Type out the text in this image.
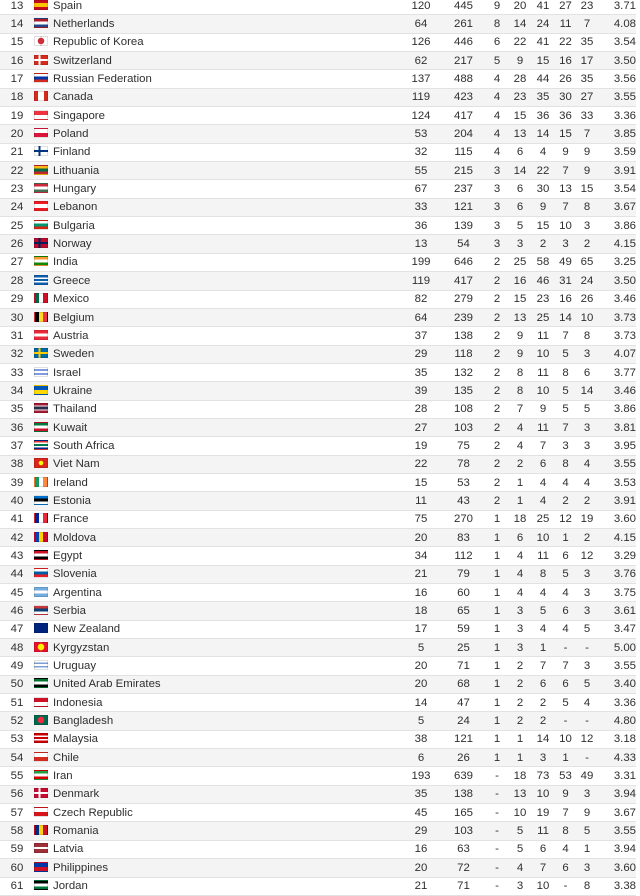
13	Spain	120	445	9	20	41	27	23	3.71
14	Netherlands	64	261	8	14	24	11	7	4.08
15	Republic of Korea	126	446	6	22	41	22	35	3.54
16	Switzerland	62	217	5	9	15	16	17	3.50
17	Russian Federation	137	488	4	28	44	26	35	3.56
18	Canada	119	423	4	23	35	30	27	3.55
19	Singapore	124	417	4	15	36	36	33	3.36
20	Poland	53	204	4	13	14	15	7	3.85
21	Finland	32	115	4	6	4	9	9	3.59
22	Lithuania	55	215	3	14	22	7	9	3.91
23	Hungary	67	237	3	6	30	13	15	3.54
24	Lebanon	33	121	3	6	9	7	8	3.67
25	Bulgaria	36	139	3	5	15	10	3	3.86
26	Norway	13	54	3	3	2	3	2	4.15
27	India	199	646	2	25	58	49	65	3.25
28	Greece	119	417	2	16	46	31	24	3.50
29	Mexico	82	279	2	15	23	16	26	3.46
30	Belgium	64	239	2	13	25	14	10	3.73
31	Austria	37	138	2	9	11	7	8	3.73
32	Sweden	29	118	2	9	10	5	3	4.07
33	Israel	35	132	2	8	11	8	6	3.77
34	Ukraine	39	135	2	8	10	5	14	3.46
35	Thailand	28	108	2	7	9	5	5	3.86
36	Kuwait	27	103	2	4	11	7	3	3.81
37	South Africa	19	75	2	4	7	3	3	3.95
38	Viet Nam	22	78	2	2	6	8	4	3.55
39	Ireland	15	53	2	1	4	4	4	3.53
40	Estonia	11	43	2	1	4	2	2	3.91
41	France	75	270	1	18	25	12	19	3.60
42	Moldova	20	83	1	6	10	1	2	4.15
43	Egypt	34	112	1	4	11	6	12	3.29
44	Slovenia	21	79	1	4	8	5	3	3.76
45	Argentina	16	60	1	4	4	4	3	3.75
46	Serbia	18	65	1	3	5	6	3	3.61
47	New Zealand	17	59	1	3	4	4	5	3.47
48	Kyrgyzstan	5	25	1	3	1	-	-	5.00
49	Uruguay	20	71	1	2	7	7	3	3.55
50	United Arab Emirates	20	68	1	2	6	6	5	3.40
51	Indonesia	14	47	1	2	2	5	4	3.36
52	Bangladesh	5	24	1	2	2	-	-	4.80
53	Malaysia	38	121	1	1	14	10	12	3.18
54	Chile	6	26	1	1	3	1	-	4.33
55	Iran	193	639	-	18	73	53	49	3.31
56	Denmark	35	138	-	13	10	9	3	3.94
57	Czech Republic	45	165	-	10	19	7	9	3.67
58	Romania	29	103	-	5	11	8	5	3.55
59	Latvia	16	63	-	5	6	4	1	3.94
60	Philippines	20	72	-	4	7	6	3	3.60
61	Jordan	21	71	-	3	10	-	8	3.38
